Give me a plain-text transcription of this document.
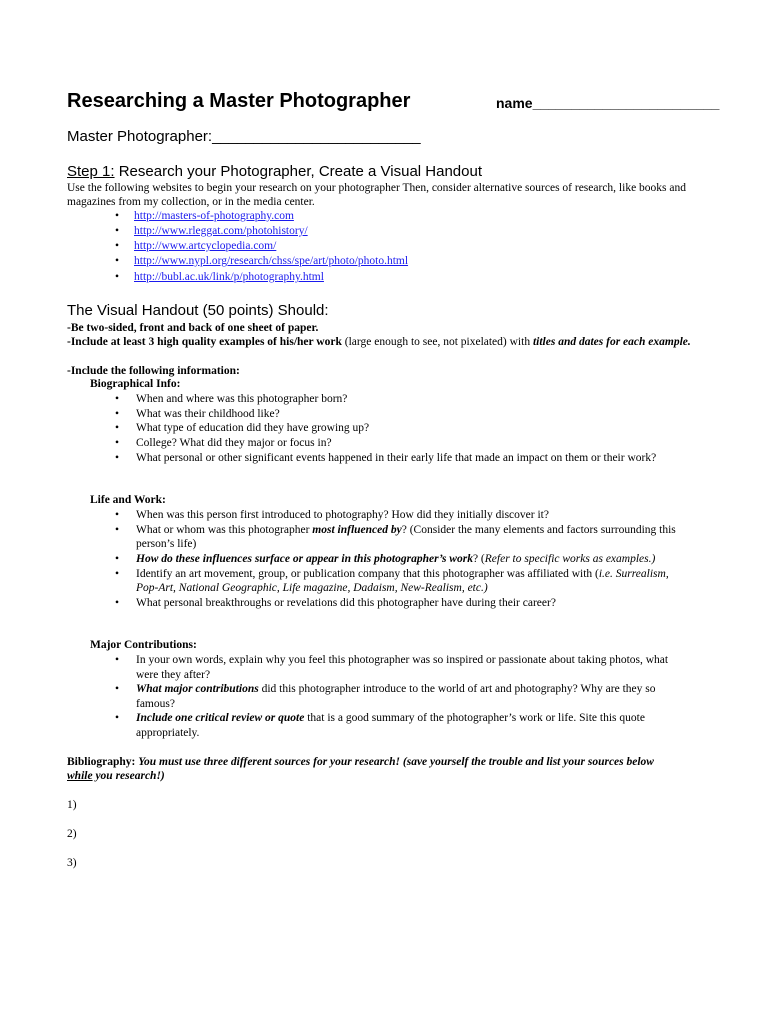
Researching a Master Photographer	name________________________
Master Photographer:_________________________
Step 1: Research your Photographer, Create a Visual Handout
Use the following websites to begin your research on your photographer Then, consider alternative sources of research, like books and magazines from my collection, or in the media center.
• http://masters-of-photography.com
• http://www.rleggat.com/photohistory/
• http://www.artcyclopedia.com/
• http://www.nypl.org/research/chss/spe/art/photo/photo.html
• http://bubl.ac.uk/link/p/photography.html
The Visual Handout (50 points) Should:
-Be two-sided, front and back of one sheet of paper.
-Include at least 3 high quality examples of his/her work (large enough to see, not pixelated) with titles and dates for each example.
-Include the following information:
Biographical Info:
• When and where was this photographer born?
• What was their childhood like?
• What type of education did they have growing up?
• College? What did they major or focus in?
• What personal or other significant events happened in their early life that made an impact on them or their work?
Life and Work:
• When was this person first introduced to photography? How did they initially discover it?
• What or whom was this photographer most influenced by? (Consider the many elements and factors surrounding this person’s life)
• How do these influences surface or appear in this photographer’s work? (Refer to specific works as examples.)
• Identify an art movement, group, or publication company that this photographer was affiliated with (i.e. Surrealism, Pop-Art, National Geographic, Life magazine, Dadaism, New-Realism, etc.)
• What personal breakthroughs or revelations did this photographer have during their career?
Major Contributions:
• In your own words, explain why you feel this photographer was so inspired or passionate about taking photos, what were they after?
• What major contributions did this photographer introduce to the world of art and photography? Why are they so famous?
• Include one critical review or quote that is a good summary of the photographer’s work or life. Site this quote appropriately.
Bibliography: You must use three different sources for your research! (save yourself the trouble and list your sources below while you research!)
1)
2)
3)
